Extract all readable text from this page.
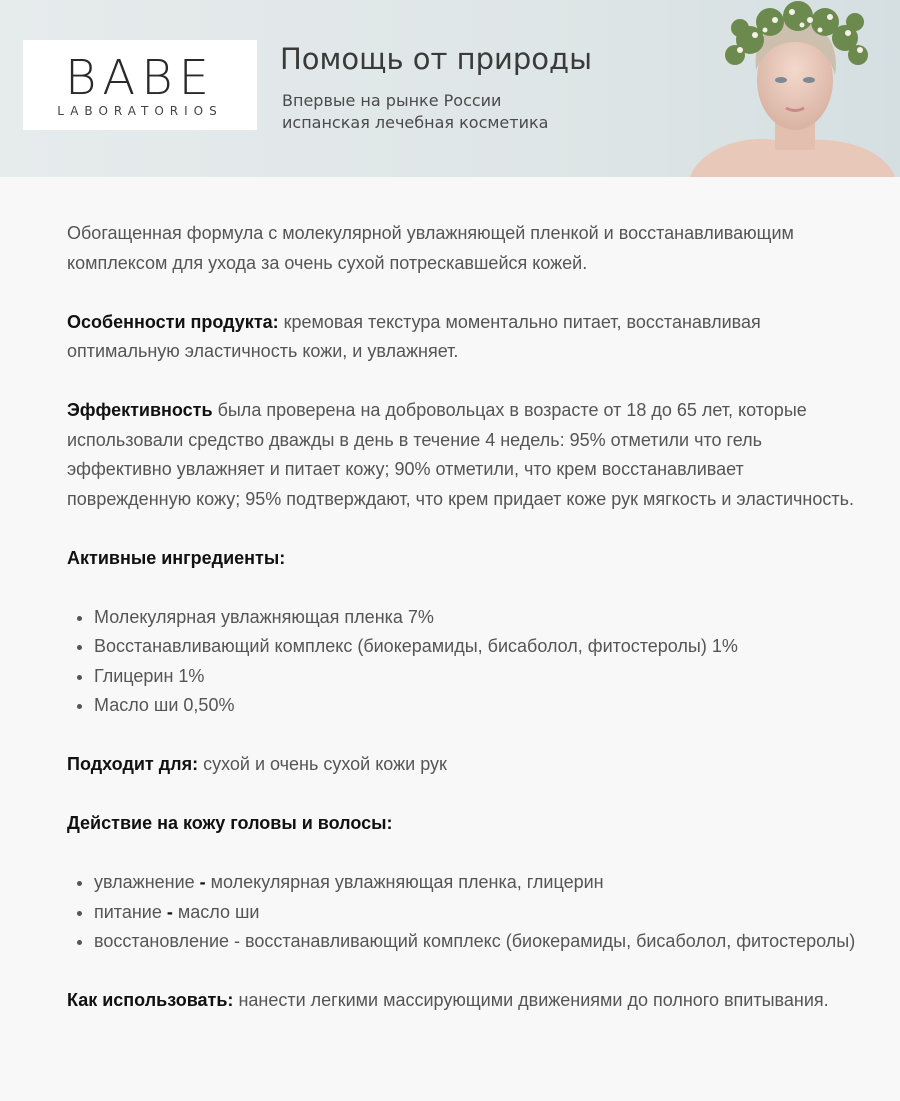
BABE
LABORATORIOS
Помощь от природы
Впервые на рынке России
испанская лечебная косметика

Обогащенная формула с молекулярной увлажняющей пленкой и восстанавливающим комплексом для ухода за очень сухой потрескавшейся кожей.

Особенности продукта: кремовая текстура моментально питает, восстанавливая оптимальную эластичность кожи, и увлажняет.

Эффективность была проверена на добровольцах в возрасте от 18 до 65 лет, которые использовали средство дважды в день в течение 4 недель: 95% отметили что гель эффективно увлажняет и питает кожу; 90% отметили, что крем восстанавливает поврежденную кожу; 95% подтверждают, что крем придает коже рук мягкость и эластичность.

Активные ингредиенты:
• Молекулярная увлажняющая пленка 7%
• Восстанавливающий комплекс (биокерамиды, бисаболол, фитостеролы) 1%
• Глицерин 1%
• Масло ши 0,50%

Подходит для: сухой и очень сухой кожи рук

Действие на кожу головы и волосы:
• увлажнение - молекулярная увлажняющая пленка, глицерин
• питание - масло ши
• восстановление - восстанавливающий комплекс (биокерамиды, бисаболол, фитостеролы)

Как использовать: нанести легкими массирующими движениями до полного впитывания.
